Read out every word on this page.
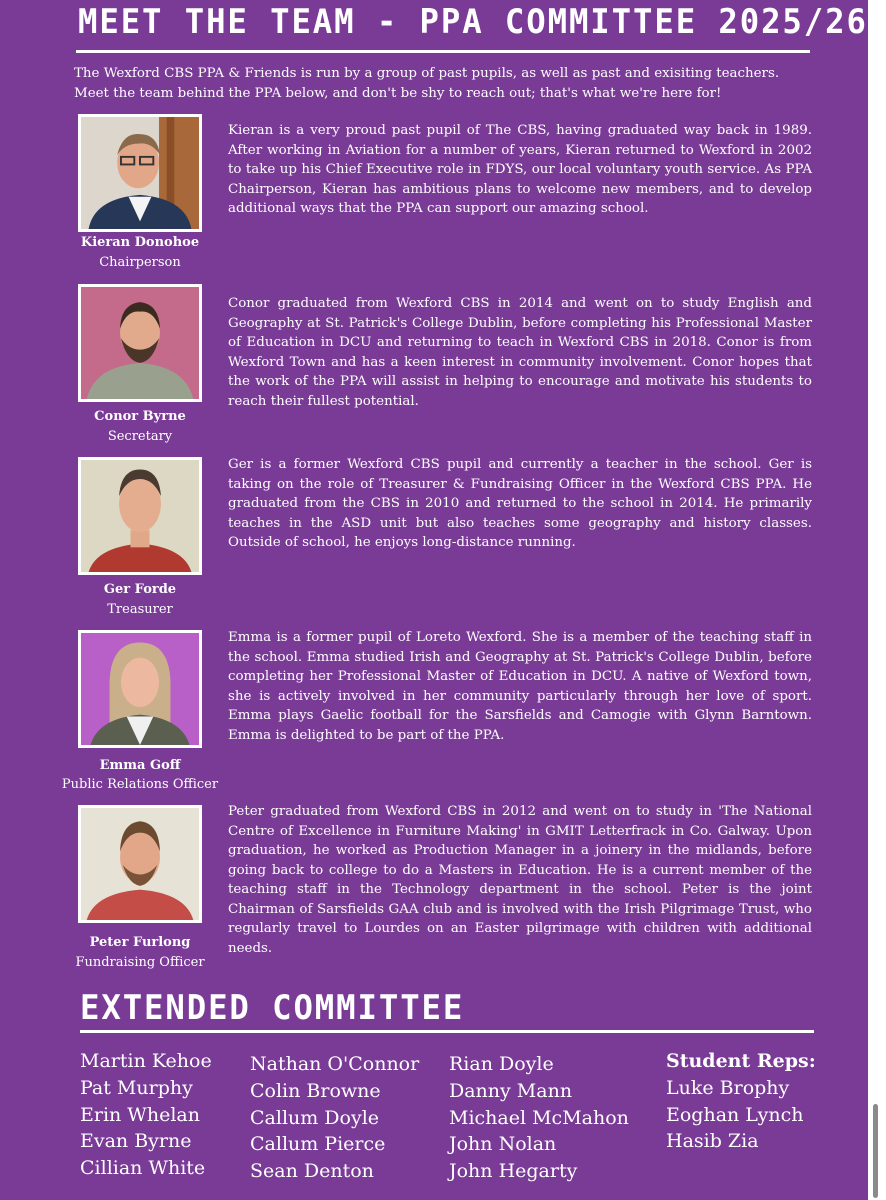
MEET THE TEAM - PPA COMMITTEE 2025/26
The Wexford CBS PPA & Friends is run by a group of past pupils, as well as past and exisiting teachers. Meet the team behind the PPA below, and don't be shy to reach out; that's what we're here for!
Kieran Donohoe
Chairperson
Kieran is a very proud past pupil of The CBS, having graduated way back in 1989. After working in Aviation for a number of years, Kieran returned to Wexford in 2002 to take up his Chief Executive role in FDYS, our local voluntary youth service. As PPA Chairperson, Kieran has ambitious plans to welcome new members, and to develop additional ways that the PPA can support our amazing school.
Conor Byrne
Secretary
Conor graduated from Wexford CBS in 2014 and went on to study English and Geography at St. Patrick's College Dublin, before completing his Professional Master of Education in DCU and returning to teach in Wexford CBS in 2018. Conor is from Wexford Town and has a keen interest in community involvement. Conor hopes that the work of the PPA will assist in helping to encourage and motivate his students to reach their fullest potential.
Ger Forde
Treasurer
Ger is a former Wexford CBS pupil and currently a teacher in the school. Ger is taking on the role of Treasurer & Fundraising Officer in the Wexford CBS PPA. He graduated from the CBS in 2010 and returned to the school in 2014. He primarily teaches in the ASD unit but also teaches some geography and history classes. Outside of school, he enjoys long-distance running.
Emma Goff
Public Relations Officer
Emma is a former pupil of Loreto Wexford. She is a member of the teaching staff in the school. Emma studied Irish and Geography at St. Patrick's College Dublin, before completing her Professional Master of Education in DCU. A native of Wexford town, she is actively involved in her community particularly through her love of sport. Emma plays Gaelic football for the Sarsfields and Camogie with Glynn Barntown. Emma is delighted to be part of the PPA.
Peter Furlong
Fundraising Officer
Peter graduated from Wexford CBS in 2012 and went on to study in 'The National Centre of Excellence in Furniture Making' in GMIT Letterfrack in Co. Galway. Upon graduation, he worked as Production Manager in a joinery in the midlands, before going back to college to do a Masters in Education. He is a current member of the teaching staff in the Technology department in the school. Peter is the joint Chairman of Sarsfields GAA club and is involved with the Irish Pilgrimage Trust, who regularly travel to Lourdes on an Easter pilgrimage with children with additional needs.
EXTENDED COMMITTEE
Martin Kehoe
Pat Murphy
Erin Whelan
Evan Byrne
Cillian White
Nathan O'Connor
Colin Browne
Callum Doyle
Callum Pierce
Sean Denton
Rian Doyle
Danny Mann
Michael McMahon
John Nolan
John Hegarty
Student Reps:
Luke Brophy
Eoghan Lynch
Hasib Zia
